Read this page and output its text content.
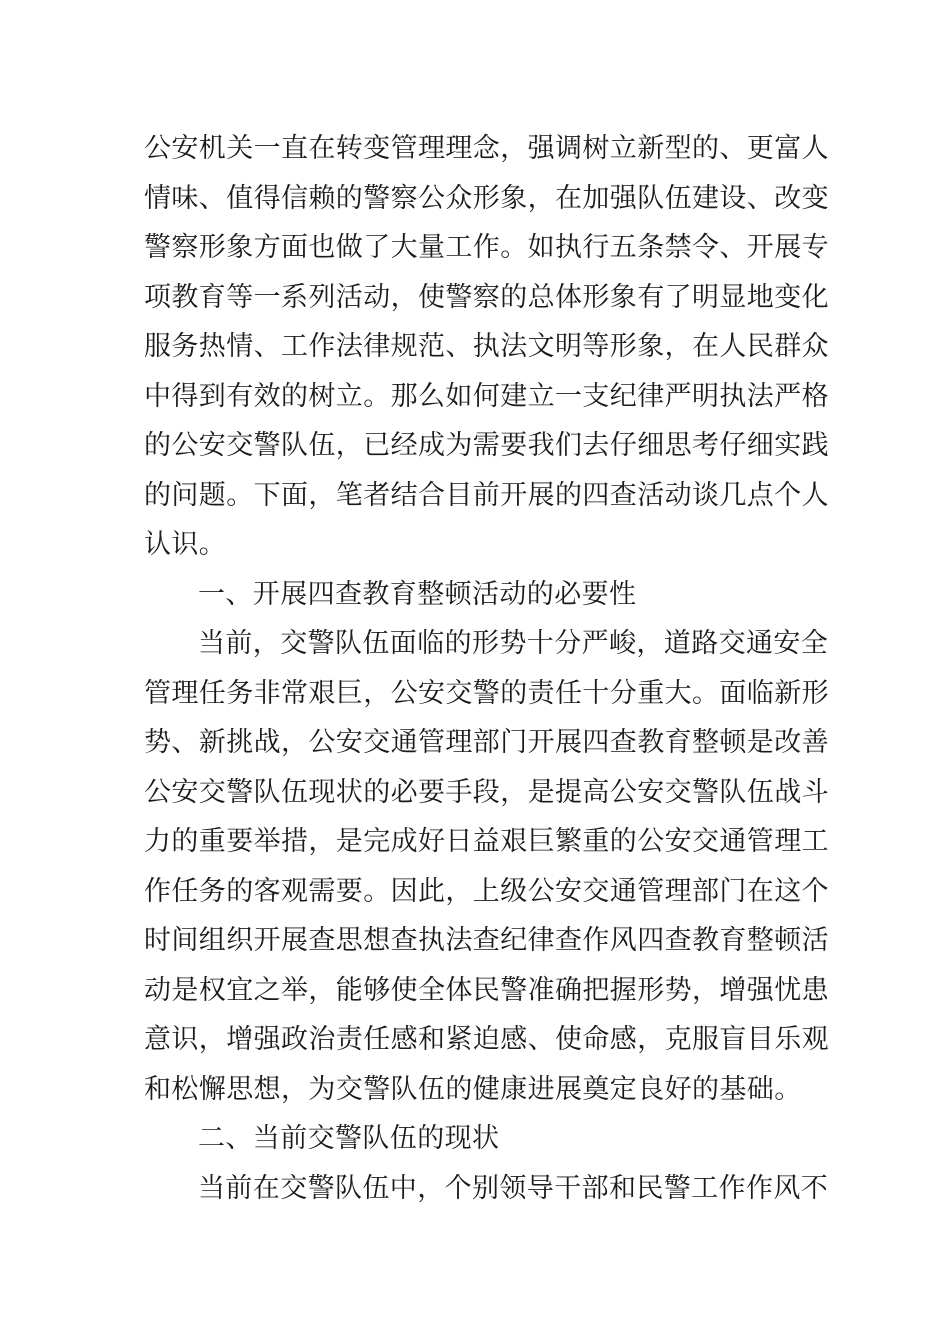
公安机关一直在转变管理理念，强调树立新型的、更富人
情味、值得信赖的警察公众形象，在加强队伍建设、改变
警察形象方面也做了大量工作。如执行五条禁令、开展专
项教育等一系列活动，使警察的总体形象有了明显地变化
服务热情、工作法律规范、执法文明等形象，在人民群众
中得到有效的树立。那么如何建立一支纪律严明执法严格
的公安交警队伍，已经成为需要我们去仔细思考仔细实践
的问题。下面，笔者结合目前开展的四查活动谈几点个人
认识。
一、开展四查教育整顿活动的必要性
当前，交警队伍面临的形势十分严峻，道路交通安全
管理任务非常艰巨，公安交警的责任十分重大。面临新形
势、新挑战，公安交通管理部门开展四查教育整顿是改善
公安交警队伍现状的必要手段，是提高公安交警队伍战斗
力的重要举措，是完成好日益艰巨繁重的公安交通管理工
作任务的客观需要。因此，上级公安交通管理部门在这个
时间组织开展查思想查执法查纪律查作风四查教育整顿活
动是权宜之举，能够使全体民警准确把握形势，增强忧患
意识，增强政治责任感和紧迫感、使命感，克服盲目乐观
和松懈思想，为交警队伍的健康进展奠定良好的基础。
二、当前交警队伍的现状
当前在交警队伍中，个别领导干部和民警工作作风不
